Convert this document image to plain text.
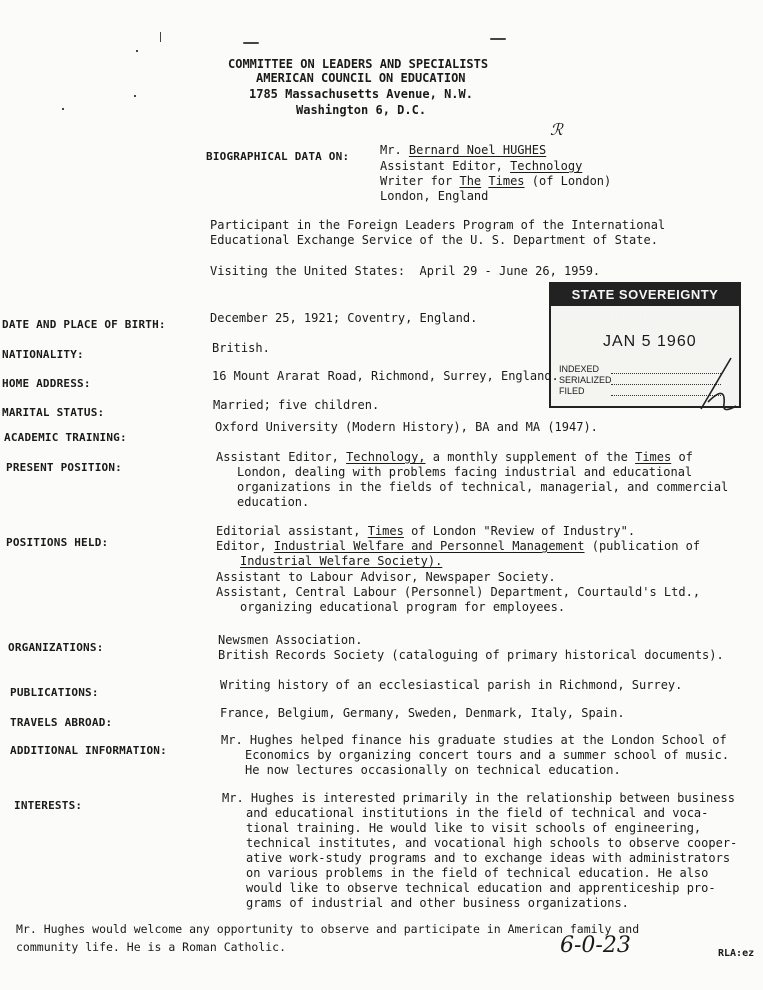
COMMITTEE ON LEADERS AND SPECIALISTS
AMERICAN COUNCIL ON EDUCATION
1785 Massachusetts Avenue, N.W.
Washington 6, D.C.
BIOGRAPHICAL DATA ON:	Mr. Bernard Noel HUGHES
ℛ
Assistant Editor, Technology
Writer for The Times (of London)
London, England
Participant in the Foreign Leaders Program of the International
Educational Exchange Service of the U. S. Department of State.
Visiting the United States: April 29 - June 26, 1959.
STATE SOVEREIGNTY COMMISSION
JAN 5 1960
INDEXED
SERIALIZED
FILED
DATE AND PLACE OF BIRTH:	December 25, 1921; Coventry, England.
NATIONALITY:	British.
HOME ADDRESS:
16 Mount Ararat Road, Richmond, Surrey, England.
MARITAL STATUS:
Married; five children.
ACADEMIC TRAINING:
Oxford University (Modern History), BA and MA (1947).
PRESENT POSITION:
Assistant Editor, Technology, a monthly supplement of the Times of
London, dealing with problems facing industrial and educational
organizations in the fields of technical, managerial, and commercial
education.
POSITIONS HELD:
Editorial assistant, Times of London "Review of Industry".
Editor, Industrial Welfare and Personnel Management (publication of
Industrial Welfare Society).
Assistant to Labour Advisor, Newspaper Society.
Assistant, Central Labour (Personnel) Department, Courtauld's Ltd.,
organizing educational program for employees.
ORGANIZATIONS:
Newsmen Association.
British Records Society (cataloguing of primary historical documents).
PUBLICATIONS:
Writing history of an ecclesiastical parish in Richmond, Surrey.
TRAVELS ABROAD:
France, Belgium, Germany, Sweden, Denmark, Italy, Spain.
ADDITIONAL INFORMATION:
Mr. Hughes helped finance his graduate studies at the London School of
Economics by organizing concert tours and a summer school of music.
He now lectures occasionally on technical education.
INTERESTS:
Mr. Hughes is interested primarily in the relationship between business
and educational institutions in the field of technical and voca-
tional training. He would like to visit schools of engineering,
technical institutes, and vocational high schools to observe cooper-
ative work-study programs and to exchange ideas with administrators
on various problems in the field of technical education. He also
would like to observe technical education and apprenticeship pro-
grams of industrial and other business organizations.
Mr. Hughes would welcome any opportunity to observe and participate in American family and
community life. He is a Roman Catholic.	6-0-23	RLA:ez
